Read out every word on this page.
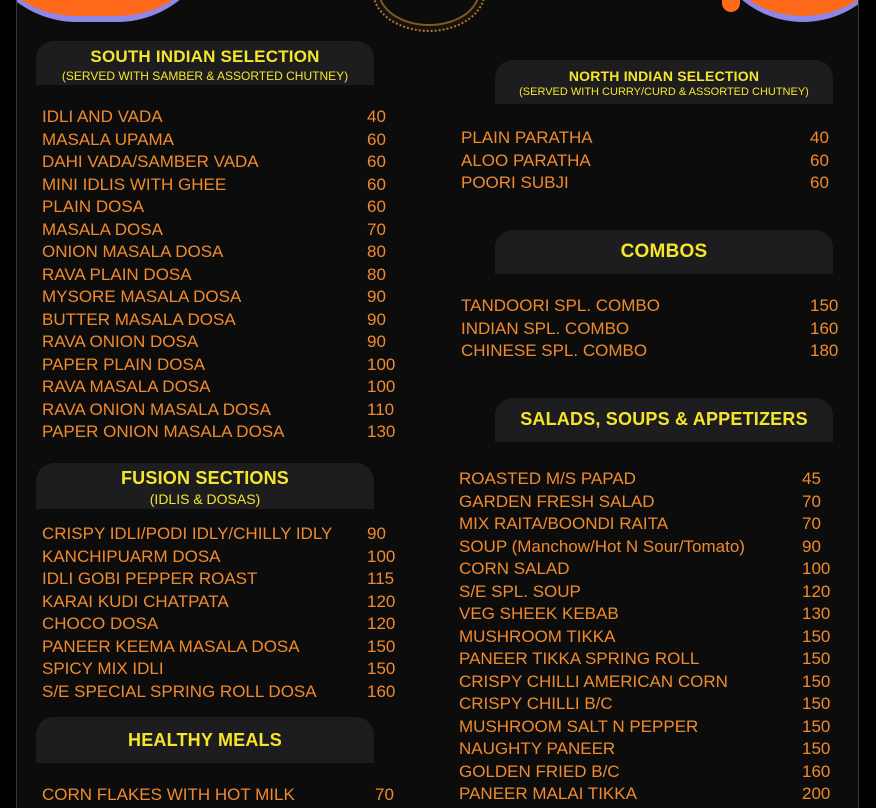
SOUTH INDIAN SELECTION
(SERVED WITH SAMBER & ASSORTED CHUTNEY)
IDLI AND VADA	40
MASALA UPAMA	60
DAHI VADA/SAMBER VADA	60
MINI IDLIS WITH GHEE	60
PLAIN DOSA	60
MASALA DOSA	70
ONION MASALA DOSA	80
RAVA PLAIN DOSA	80
MYSORE MASALA DOSA	90
BUTTER MASALA DOSA	90
RAVA ONION DOSA	90
PAPER PLAIN DOSA	100
RAVA MASALA DOSA	100
RAVA ONION MASALA DOSA	110
PAPER ONION MASALA DOSA	130
FUSION SECTIONS
(IDLIS & DOSAS)
CRISPY IDLI/PODI IDLY/CHILLY IDLY 90
KANCHIPUARM DOSA	100
IDLI GOBI PEPPER ROAST	115
KARAI KUDI CHATPATA	120
CHOCO DOSA	120
PANEER KEEMA MASALA DOSA	150
SPICY MIX IDLI	150
S/E SPECIAL SPRING ROLL DOSA	160
HEALTHY MEALS
CORN FLAKES WITH HOT MILK	70
NORTH INDIAN SELECTION
(SERVED WITH CURRY/CURD & ASSORTED CHUTNEY)
PLAIN PARATHA	40
ALOO PARATHA	60
POORI SUBJI	60
COMBOS
TANDOORI SPL. COMBO	150
INDIAN SPL. COMBO	160
CHINESE SPL. COMBO	180
SALADS, SOUPS & APPETIZERS
ROASTED M/S PAPAD	45
GARDEN FRESH SALAD	70
MIX RAITA/BOONDI RAITA	70
SOUP (Manchow/Hot N Sour/Tomato)	90
CORN SALAD	100
S/E SPL. SOUP	120
VEG SHEEK KEBAB	130
MUSHROOM TIKKA	150
PANEER TIKKA SPRING ROLL	150
CRISPY CHILLI AMERICAN CORN	150
CRISPY CHILLI B/C	150
MUSHROOM SALT N PEPPER	150
NAUGHTY PANEER	150
GOLDEN FRIED B/C	160
PANEER MALAI TIKKA	200
